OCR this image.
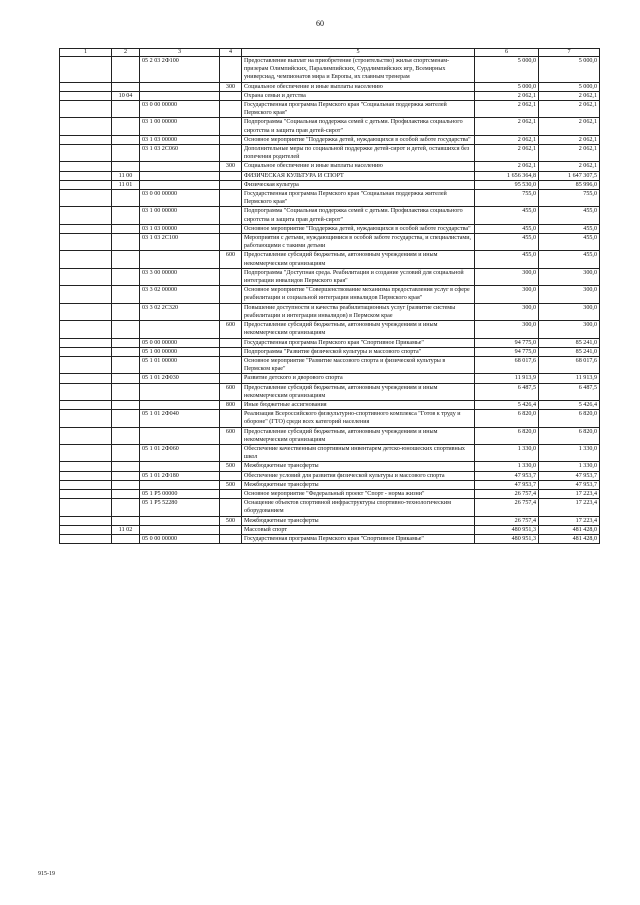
60
1	2	3	4	5	6	7
		05 2 03 2Ф100		Предоставление выплат на приобретение (строительство) жилья спортсменам-призерам Олимпийских, Паралимпийских, Сурдлимпийских игр, Всемирных универсиад, чемпионатов мира и Европы, их главным тренерам	5 000,0	5 000,0
			300	Социальное обеспечение и иные выплаты населению	5 000,0	5 000,0
	10 04			Охрана семьи и детства	2 062,1	2 062,1
		03 0 00 00000		Государственная программа Пермского края "Социальная поддержка жителей Пермского края"	2 062,1	2 062,1
		03 1 00 00000		Подпрограмма "Социальная поддержка семей с детьми. Профилактика социального сиротства и защита прав детей-сирот"	2 062,1	2 062,1
		03 1 03 00000		Основное мероприятие "Поддержка детей, нуждающихся в особой заботе государства"	2 062,1	2 062,1
		03 1 03 2С060		Дополнительные меры по социальной поддержке детей-сирот и детей, оставшихся без попечения родителей	2 062,1	2 062,1
			300	Социальное обеспечение и иные выплаты населению	2 062,1	2 062,1
	11 00			ФИЗИЧЕСКАЯ КУЛЬТУРА И СПОРТ	1 656 364,8	1 647 307,5
	11 01			Физическая культура	95 530,0	85 996,0
		03 0 00 00000		Государственная программа Пермского края "Социальная поддержка жителей Пермского края"	755,0	755,0
		03 1 00 00000		Подпрограмма "Социальная поддержка семей с детьми. Профилактика социального сиротства и защита прав детей-сирот"	455,0	455,0
		03 1 03 00000		Основное мероприятие "Поддержка детей, нуждающихся в особой заботе государства"	455,0	455,0
		03 1 03 2С100		Мероприятия с детьми, нуждающимися в особой заботе государства, и специалистами, работающими с такими детьми	455,0	455,0
			600	Предоставление субсидий бюджетным, автономным учреждениям и иным некоммерческим организациям	455,0	455,0
		03 3 00 00000		Подпрограмма "Доступная среда. Реабилитация и создание условий для социальной интеграции инвалидов Пермского края"	300,0	300,0
		03 3 02 00000		Основное мероприятие "Совершенствование механизма предоставления услуг в сфере реабилитации и социальной интеграции инвалидов Пермского края"	300,0	300,0
		03 3 02 2С320		Повышение доступности и качества реабилитационных услуг (развитие системы реабилитации и интеграции инвалидов) в Пермском крае	300,0	300,0
			600	Предоставление субсидий бюджетным, автономным учреждениям и иным некоммерческим организациям	300,0	300,0
		05 0 00 00000		Государственная программа Пермского края "Спортивное Прикамье"	94 775,0	85 241,0
		05 1 00 00000		Подпрограмма "Развитие физической культуры и массового спорта"	94 775,0	85 241,0
		05 1 01 00000		Основное мероприятие "Развитие массового спорта и физической культуры в Пермском крае"	68 017,6	68 017,6
		05 1 01 2Ф030		Развитие детского и дворового спорта	11 913,9	11 913,9
			600	Предоставление субсидий бюджетным, автономным учреждениям и иным некоммерческим организациям	6 487,5	6 487,5
			800	Иные бюджетные ассигнования	5 426,4	5 426,4
		05 1 01 2Ф040		Реализация Всероссийского физкультурно-спортивного комплекса "Готов к труду и обороне" (ГТО) среди всех категорий населения	6 820,0	6 820,0
			600	Предоставление субсидий бюджетным, автономным учреждениям и иным некоммерческим организациям	6 820,0	6 820,0
		05 1 01 2Ф060		Обеспечение качественным спортивным инвентарем детско-юношеских спортивных школ	1 330,0	1 330,0
			500	Межбюджетные трансферты	1 330,0	1 330,0
		05 1 01 2Ф180		Обеспечение условий для развития физической культуры и массового спорта	47 953,7	47 953,7
			500	Межбюджетные трансферты	47 953,7	47 953,7
		05 1 P5 00000		Основное мероприятие "Федеральный проект "Спорт - норма жизни"	26 757,4	17 223,4
		05 1 P5 52280		Оснащение объектов спортивной инфраструктуры спортивно-технологическим оборудованием	26 757,4	17 223,4
			500	Межбюджетные трансферты	26 757,4	17 223,4
	11 02			Массовый спорт	480 951,3	481 428,0
		05 0 00 00000		Государственная программа Пермского края "Спортивное Прикамье"	480 951,3	481 428,0
915-19
